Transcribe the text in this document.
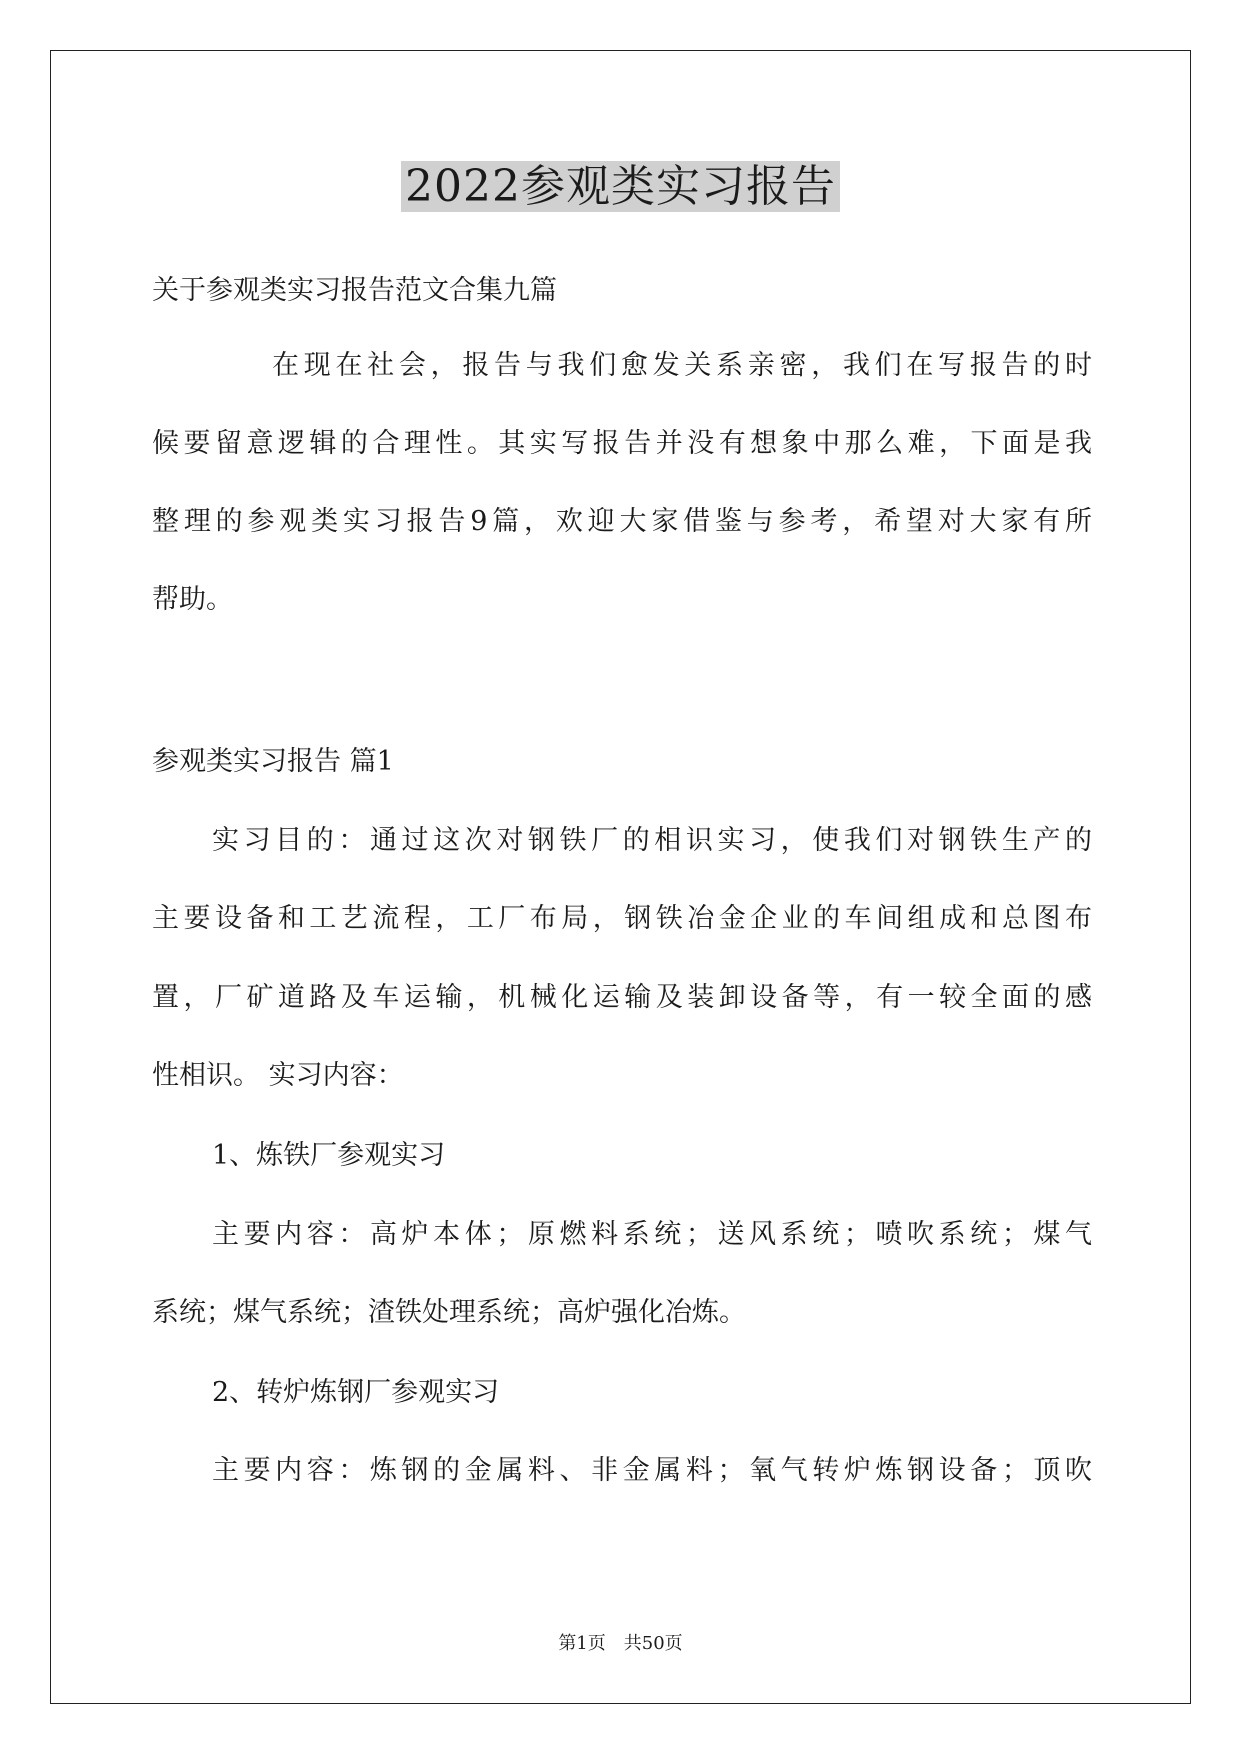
2022参观类实习报告

关于参观类实习报告范文合集九篇

在现在社会，报告与我们愈发关系亲密，我们在写报告的时

候要留意逻辑的合理性。其实写报告并没有想象中那么难，下面是我

整理的参观类实习报告9篇，欢迎大家借鉴与参考，希望对大家有所

帮助。

参观类实习报告 篇1

实习目的：通过这次对钢铁厂的相识实习，使我们对钢铁生产的

主要设备和工艺流程，工厂布局，钢铁冶金企业的车间组成和总图布

置，厂矿道路及车运输，机械化运输及装卸设备等，有一较全面的感

性相识。 实习内容：

1、炼铁厂参观实习

主要内容：高炉本体；原燃料系统；送风系统；喷吹系统；煤气

系统；煤气系统；渣铁处理系统；高炉强化冶炼。

2、转炉炼钢厂参观实习

主要内容：炼钢的金属料、非金属料；氧气转炉炼钢设备；顶吹

第1页 共50页
